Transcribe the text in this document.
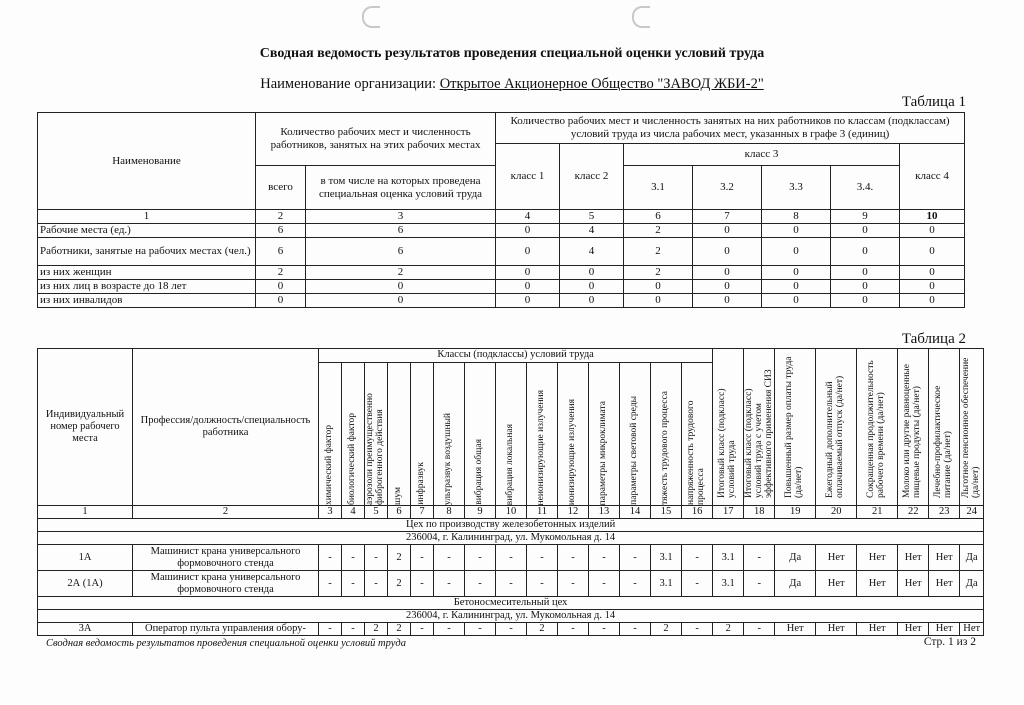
Сводная ведомость результатов проведения специальной оценки условий труда
Наименование организации: Открытое Акционерное Общество "ЗАВОД ЖБИ-2"
Таблица 1
Наименование	Количество рабочих мест и численность работников, занятых на этих рабочих местах		Количество рабочих мест и численность занятых на них работников по классам (подклассам) условий труда из числа рабочих мест, указанных в графе 3 (единиц)						
			класс 1	класс 2	класс 3				класс 4
	всего	в том числе на которых проведена специальная оценка условий труда			3.1	3.2	3.3	3.4.	
1	2	3	4	5	6	7	8	9	10
Рабочие места (ед.)	6	6	0	4	2	0	0	0	0
Работники, занятые на рабочих местах (чел.)	6	6	0	4	2	0	0	0	0
из них женщин	2	2	0	0	2	0	0	0	0
из них лиц в возрасте до 18 лет	0	0	0	0	0	0	0	0	0
из них инвалидов	0	0	0	0	0	0	0	0	0
Таблица 2
Индивидуальный номер рабочего места	Профессия/должность/специальность работника	Классы (подклассы) условий труда														Итоговый класс (подкласс) условий труда	Итоговый класс (подкласс) условий труда с учетом эффективного применения СИЗ	Повышенный размер оплаты труда (да/нет)	Ежегодный дополнительный оплачиваемый отпуск (да/нет)	Сокращенная продолжительность рабочего времени (да/нет)	Молоко или другие равноценные пищевые продукты (да/нет)	Лечебно-профилактическое питание (да/нет)	Льготное пенсионное обеспечение (да/нет)

		химический фактор	биологический фактор	аэрозоли преимущественно фиброгенного действия	шум	инфразвук	ультразвук воздушный	вибрация общая	вибрация локальная	неионизирующие излучения	ионизирующие излучения	параметры микроклимата	параметры световой среды	тяжесть трудового процесса	напряженность трудового процесса								

1	2	3	4	5	6	7	8	9	10	11	12	13	14	15	16	17	18	19	20	21	22	23	24
Цех по производству железобетонных изделий																							
236004, г. Калининград, ул. Мукомольная д. 14																							
1А	Машинист крана универсального формовочного стенда	-	-	-	2	-	-	-	-	-	-	-	-	3.1	-	3.1	-	Да	Нет	Нет	Нет	Нет	Да
2А (1А)	Машинист крана универсального формовочного стенда	-	-	-	2	-	-	-	-	-	-	-	-	3.1	-	3.1	-	Да	Нет	Нет	Нет	Нет	Да
Бетоносмесительный цех																							
236004, г. Калининград, ул. Мукомольная д. 14																							
3А	Оператор пульта управления обору-	-	-	2	2	-	-	-	-	2	-	-	-	2	-	2	-	Нет	Нет	Нет	Нет	Нет	Нет
Сводная ведомость результатов проведения специальной оценки условий труда	Стр. 1 из 2
